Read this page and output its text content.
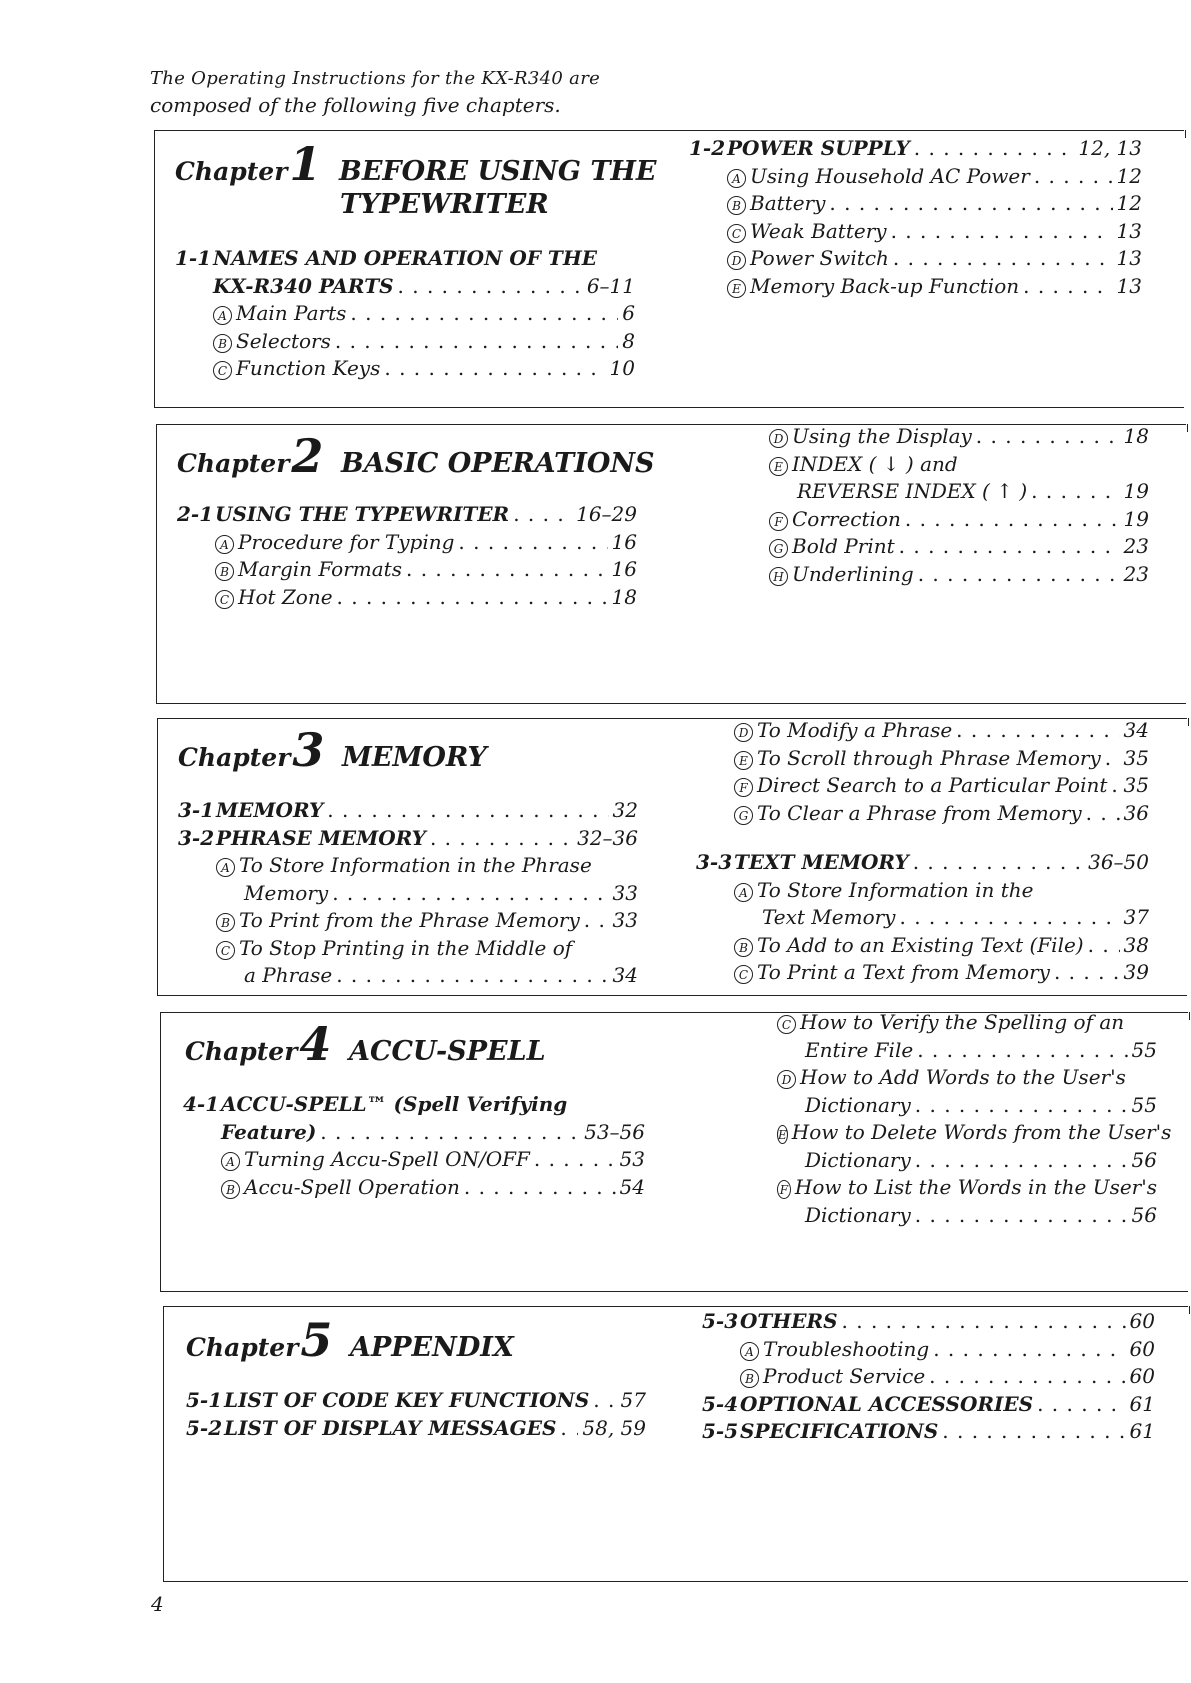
The Operating Instructions for the KX-R340 are
composed of the following five chapters.
Chapter1 BEFORE USING THE
TYPEWRITER
1-1 NAMES AND OPERATION OF THE
KX-R340 PARTS . . .	6–11
A Main Parts . . .	6
B Selectors . . .	8
C Function Keys . . .	10
1-2 POWER SUPPLY . . .	12, 13
A Using Household AC Power . . .	12
B Battery . . .	12
C Weak Battery . . .	13
D Power Switch . . .	13
E Memory Back-up Function . . .	13
Chapter2 BASIC OPERATIONS
2-1 USING THE TYPEWRITER . . .	16–29
A Procedure for Typing . . .	16
B Margin Formats . . .	16
C Hot Zone . . .	18
D Using the Display . . .	18
E INDEX ( ↓ ) and
REVERSE INDEX ( ↑ ) . . .	19
F Correction . . .	19
G Bold Print . . .	23
H Underlining . . .	23
Chapter3 MEMORY
3-1 MEMORY . . .	32
3-2 PHRASE MEMORY . . .	32–36
A To Store Information in the Phrase
Memory . . .	33
B To Print from the Phrase Memory . . . 33
C To Stop Printing in the Middle of
a Phrase . . .	34
D To Modify a Phrase . . .	34
E To Scroll through Phrase Memory . . . 35
F Direct Search to a Particular Point . . . 35
G To Clear a Phrase from Memory . . . 36
3-3 TEXT MEMORY . . .	36–50
A To Store Information in the
Text Memory . . .	37
B To Add to an Existing Text (File) . . . 38
C To Print a Text from Memory . . .	39
Chapter4 ACCU-SPELL
4-1 ACCU-SPELL™ (Spell Verifying
Feature) . . .	53–56
A Turning Accu-Spell ON/OFF . . .	53
B Accu-Spell Operation . . .	54
C How to Verify the Spelling of an
Entire File . . .	55
D How to Add Words to the User's
Dictionary . . .	55
E How to Delete Words from the User's
Dictionary . . .	56
F How to List the Words in the User's
Dictionary . . .	56
Chapter5 APPENDIX
5-1 LIST OF CODE KEY FUNCTIONS . . . 57
5-2 LIST OF DISPLAY MESSAGES . . . 58, 59
5-3 OTHERS . . .	60
A Troubleshooting . . .	60
B Product Service . . .	60
5-4 OPTIONAL ACCESSORIES . . .	61
5-5 SPECIFICATIONS . . .	61
4
